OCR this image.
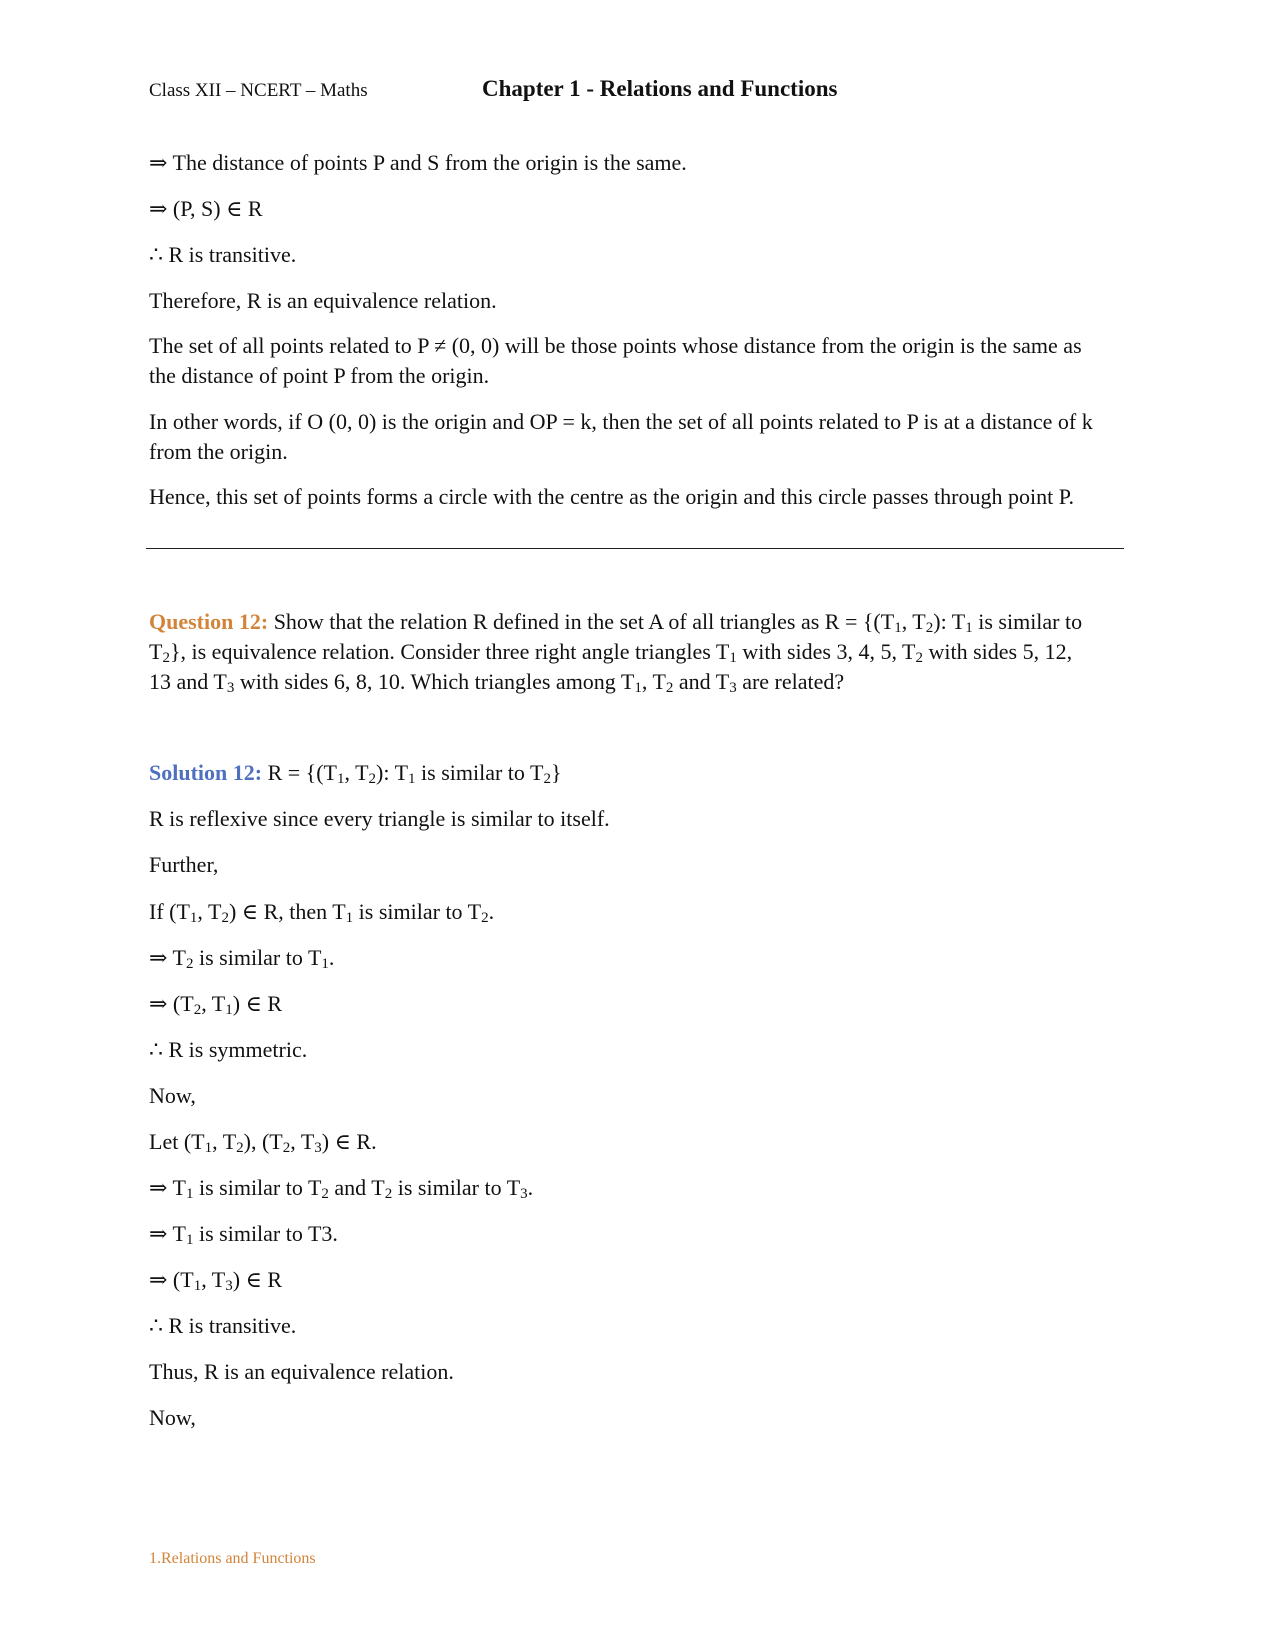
Class XII – NCERT – Maths	Chapter 1 - Relations and Functions
⇒ The distance of points P and S from the origin is the same.
⇒ (P, S) ∈ R
∴ R is transitive.
Therefore, R is an equivalence relation.
The set of all points related to P ≠ (0, 0) will be those points whose distance from the origin is the same as the distance of point P from the origin.
In other words, if O (0, 0) is the origin and OP = k, then the set of all points related to P is at a distance of k from the origin.
Hence, this set of points forms a circle with the centre as the origin and this circle passes through point P.
Question 12: Show that the relation R defined in the set A of all triangles as $R = \{(T_1$, $T_2$): $T_1$ is similar to $T_2$}, is equivalence relation. Consider three right angle triangles $T_1$ with sides 3, 4, 5, $T_2$ with sides 5, 12, 13 and $T_3$ with sides 6, 8, 10. Which triangles among $T_1$, $T_2$ and $T_3$ are related?
Solution 12: $R = \{(T_1$, $T_2$): $T_1$ is similar to $T_2$}
R is reflexive since every triangle is similar to itself.
Further,
If ($T_1$, $T_2$) ∈ R, then $T_1$ is similar to $T_2$.
⇒ $T_2$ is similar to $T_1$.
⇒ ($T_2$, $T_1$) ∈ R
∴ R is symmetric.
Now,
Let ($T_1$, $T_2$), ($T_2$, $T_3$) ∈ R.
⇒ $T_1$ is similar to $T_2$ and $T_2$ is similar to $T_3$.
⇒ $T_1$ is similar to T3.
⇒ ($T_1$, $T_3$) ∈ R
∴ R is transitive.
Thus, R is an equivalence relation.
Now,
1.Relations and Functions
